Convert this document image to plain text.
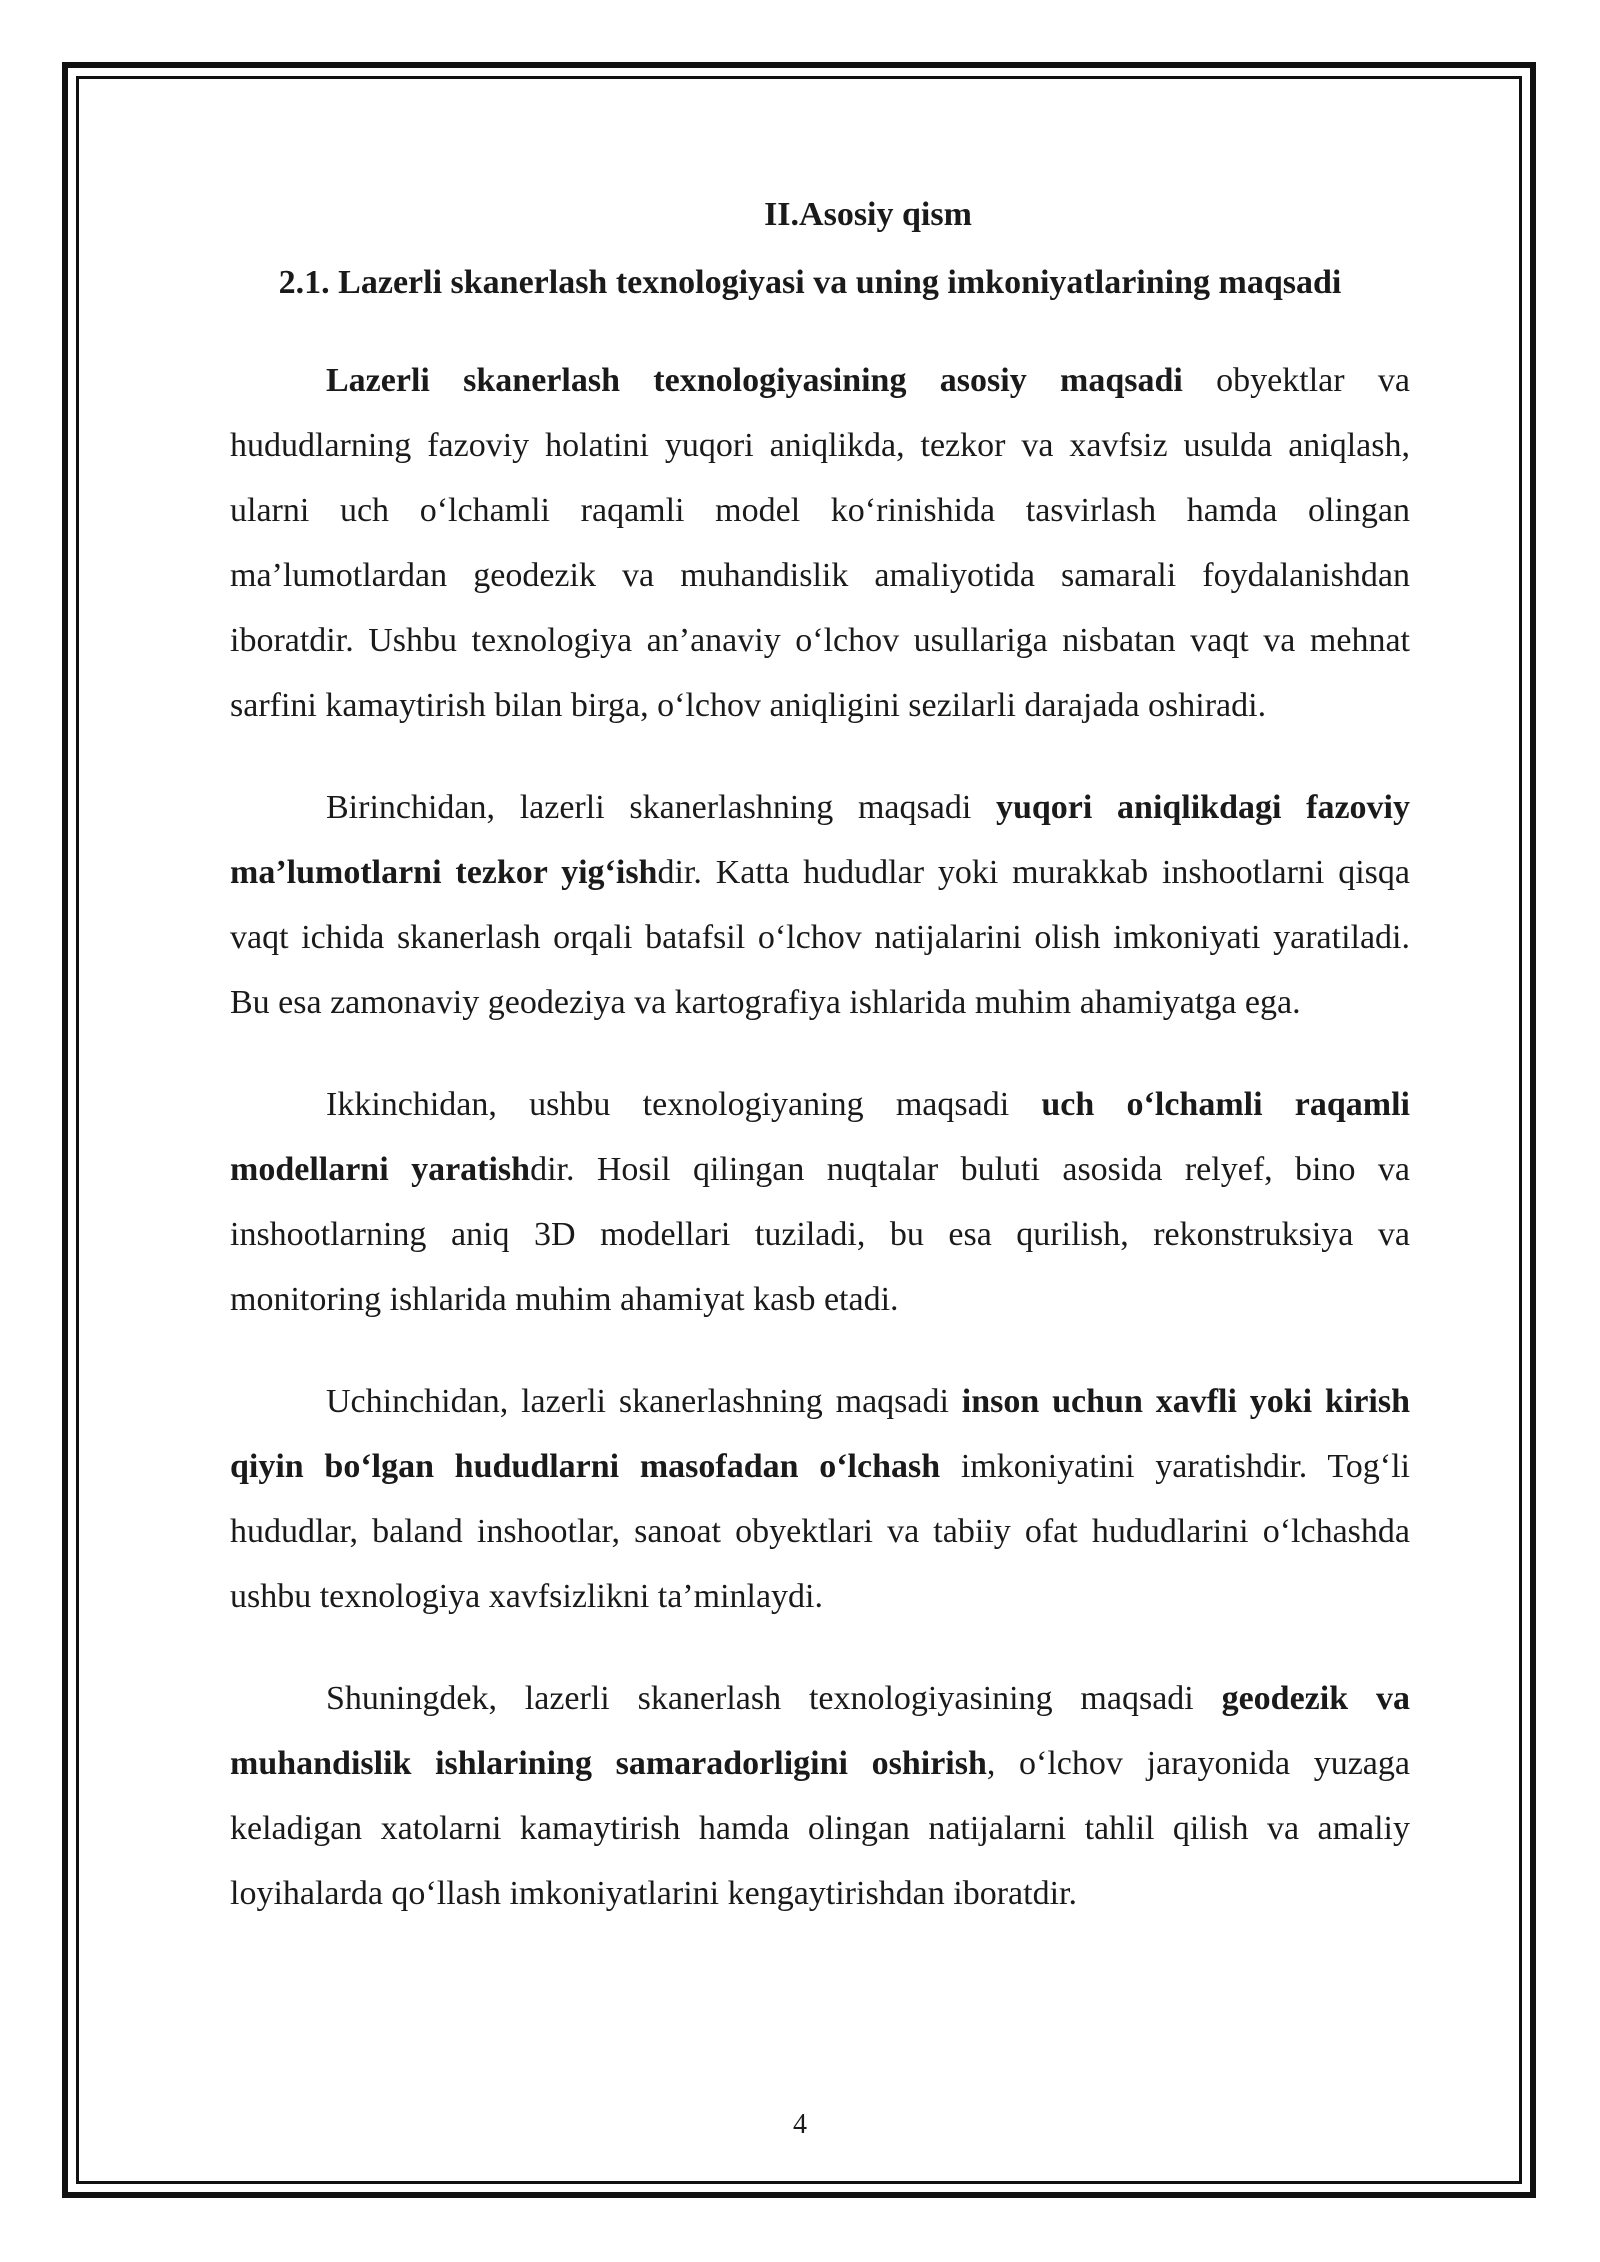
II.Asosiy qism
2.1. Lazerli skanerlash texnologiyasi va uning imkoniyatlarining maqsadi

Lazerli skanerlash texnologiyasining asosiy maqsadi obyektlar va hududlarning fazoviy holatini yuqori aniqlikda, tezkor va xavfsiz usulda aniqlash, ularni uch o‘lchamli raqamli model ko‘rinishida tasvirlash hamda olingan ma’lumotlardan geodezik va muhandislik amaliyotida samarali foydalanishdan iboratdir. Ushbu texnologiya an’anaviy o‘lchov usullariga nisbatan vaqt va mehnat sarfini kamaytirish bilan birga, o‘lchov aniqligini sezilarli darajada oshiradi.

Birinchidan, lazerli skanerlashning maqsadi yuqori aniqlikdagi fazoviy ma’lumotlarni tezkor yig‘ishdir. Katta hududlar yoki murakkab inshootlarni qisqa vaqt ichida skanerlash orqali batafsil o‘lchov natijalarini olish imkoniyati yaratiladi. Bu esa zamonaviy geodeziya va kartografiya ishlarida muhim ahamiyatga ega.

Ikkinchidan, ushbu texnologiyaning maqsadi uch o‘lchamli raqamli modellarni yaratishdir. Hosil qilingan nuqtalar buluti asosida relyef, bino va inshootlarning aniq 3D modellari tuziladi, bu esa qurilish, rekonstruksiya va monitoring ishlarida muhim ahamiyat kasb etadi.

Uchinchidan, lazerli skanerlashning maqsadi inson uchun xavfli yoki kirish qiyin bo‘lgan hududlarni masofadan o‘lchash imkoniyatini yaratishdir. Tog‘li hududlar, baland inshootlar, sanoat obyektlari va tabiiy ofat hududlarini o‘lchashda ushbu texnologiya xavfsizlikni ta’minlaydi.

Shuningdek, lazerli skanerlash texnologiyasining maqsadi geodezik va muhandislik ishlarining samaradorligini oshirish, o‘lchov jarayonida yuzaga keladigan xatolarni kamaytirish hamda olingan natijalarni tahlil qilish va amaliy loyihalarda qo‘llash imkoniyatlarini kengaytirishdan iboratdir.

4
